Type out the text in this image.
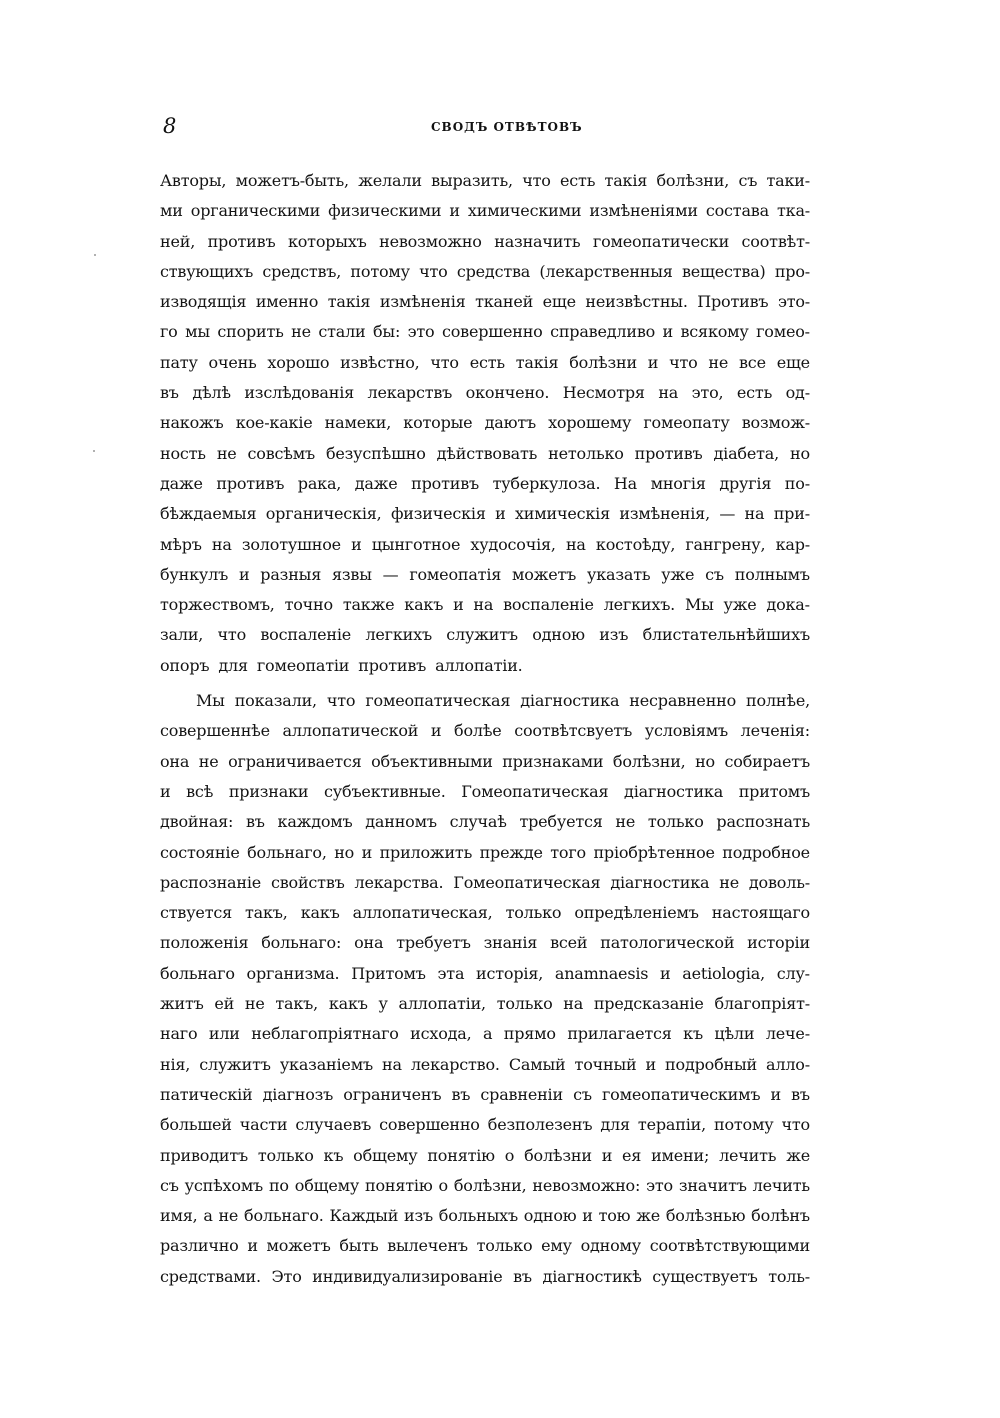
8	СВОДЪ ОТВѢТОВЪ
Авторы, можетъ-быть, желали выразить, что есть такія болѣзни, съ таки-
ми органическими физическими и химическими измѣненіями состава тка-
ней, противъ которыхъ невозможно назначить гомеопатически соотвѣт-
ствующихъ средствъ, потому что средства (лекарственныя вещества) про-
изводящія именно такія измѣненія тканей еще неизвѣстны. Противъ это-
го мы спорить не стали бы: это совершенно справедливо и всякому гомео-
пату очень хорошо извѣстно, что есть такія болѣзни и что не все еще
въ дѣлѣ изслѣдованія лекарствъ окончено. Несмотря на это, есть од-
накожъ кое-какіе намеки, которые даютъ хорошему гомеопату возмож-
ность не совсѣмъ безуспѣшно дѣйствовать нетолько противъ діабета, но
даже противъ рака, даже противъ туберкулоза. На многія другія по-
бѣждаемыя органическія, физическія и химическія измѣненія, — на при-
мѣръ на золотушное и цынготное худосочія, на костоѣду, гангрену, кар-
бункулъ и разныя язвы — гомеопатія можетъ указать уже съ полнымъ
торжествомъ, точно также какъ и на воспаленіе легкихъ. Мы уже дока-
зали, что воспаленіе легкихъ служитъ одною изъ блистательнѣйшихъ
опоръ для гомеопатіи противъ аллопатіи.
Мы показали, что гомеопатическая діагностика несравненно полнѣе,
совершеннѣе аллопатической и болѣе соотвѣтсвуетъ условіямъ леченія:
она не ограничивается объективными признаками болѣзни, но собираетъ
и всѣ признаки субъективные. Гомеопатическая діагностика притомъ
двойная: въ каждомъ данномъ случаѣ требуется не только распознать
состояніе больнаго, но и приложить прежде того пріобрѣтенное подробное
распознаніе свойствъ лекарства. Гомеопатическая діагностика не доволь-
ствуется такъ, какъ аллопатическая, только опредѣленіемъ настоящаго
положенія больнаго: она требуетъ знанія всей патологической исторіи
больнаго организма. Притомъ эта исторія, anamnaesis и aetiologia, слу-
житъ ей не такъ, какъ у аллопатіи, только на предсказаніе благопріят-
наго или неблагопріятнаго исхода, а прямо прилагается къ цѣли лече-
нія, служитъ указаніемъ на лекарство. Самый точный и подробный алло-
патическій діагнозъ ограниченъ въ сравненіи съ гомеопатическимъ и въ
большей части случаевъ совершенно безполезенъ для терапіи, потому что
приводитъ только къ общему понятію о болѣзни и ея имени; лечить же
съ успѣхомъ по общему понятію о болѣзни, невозможно: это значитъ лечить
имя, а не больнаго. Каждый изъ больныхъ одною и тою же болѣзнью болѣнъ
различно и можетъ быть вылеченъ только ему одному соотвѣтствующими
средствами. Это индивидуализированіе въ діагностикѣ существуетъ толь-
